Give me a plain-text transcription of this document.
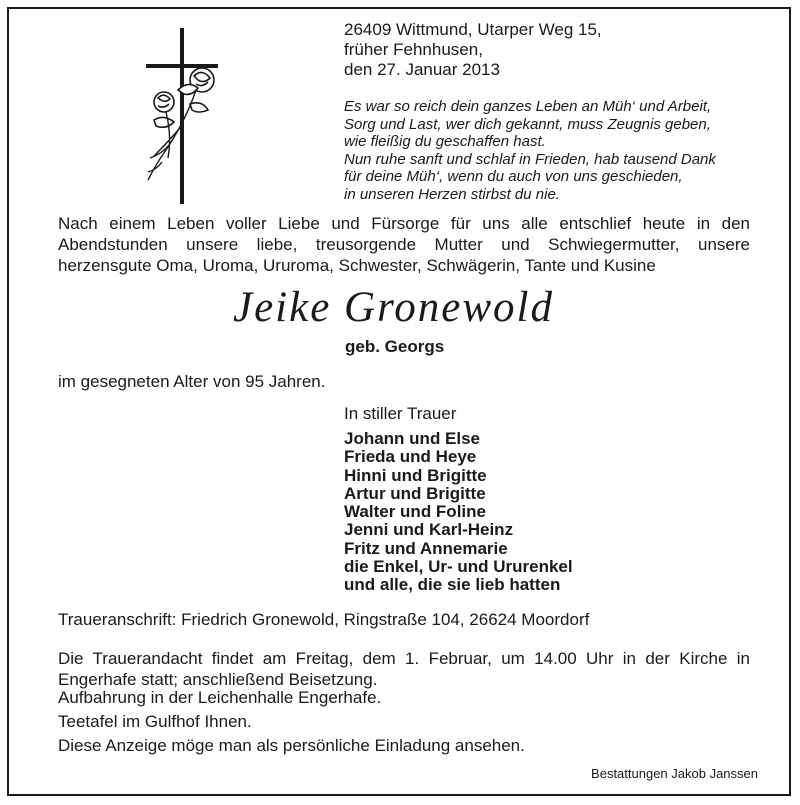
26409 Wittmund, Utarper Weg 15,
früher Fehnhusen,
den 27. Januar 2013
Es war so reich dein ganzes Leben an Müh‘ und Arbeit,
Sorg und Last, wer dich gekannt, muss Zeugnis geben,
wie fleißig du geschaffen hast.
Nun ruhe sanft und schlaf in Frieden, hab tausend Dank
für deine Müh‘, wenn du auch von uns geschieden,
in unseren Herzen stirbst du nie.
Nach einem Leben voller Liebe und Fürsorge für uns alle entschlief heute in den Abendstunden unsere liebe, treusorgende Mutter und Schwiegermutter, unsere herzensgute Oma, Uroma, Ururoma, Schwester, Schwägerin, Tante und Kusine
Jeike Gronewold
geb. Georgs
im gesegneten Alter von 95 Jahren.
In stiller Trauer
Johann und Else
Frieda und Heye
Hinni und Brigitte
Artur und Brigitte
Walter und Foline
Jenni und Karl-Heinz
Fritz und Annemarie
die Enkel, Ur- und Ururenkel
und alle, die sie lieb hatten
Traueranschrift: Friedrich Gronewold, Ringstraße 104, 26624 Moordorf
Die Trauerandacht findet am Freitag, dem 1. Februar, um 14.00 Uhr in der Kirche in Engerhafe statt; anschließend Beisetzung.
Aufbahrung in der Leichenhalle Engerhafe.
Teetafel im Gulfhof Ihnen.
Diese Anzeige möge man als persönliche Einladung ansehen.
Bestattungen Jakob Janssen
